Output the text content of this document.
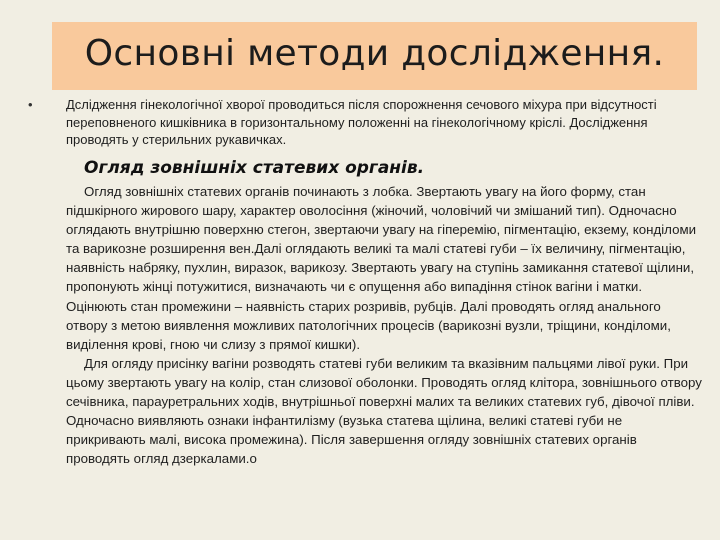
Основні методи дослідження.
•	Дслідження гінекологічної хворої проводиться після спорожнення сечового міхура при відсутності переповненого кишківника в горизонтальному положенні на гінекологічному кріслі. Дослідження проводять у стерильних рукавичках.
Огляд зовнішніх статевих органів.

Огляд зовнішніх статевих органів починають з лобка. Звертають увагу на його форму, стан підшкірного жирового шару, характер оволосіння (жіночий, чоловічий чи змішаний тип). Одночасно оглядають внутрішню поверхню стегон, звертаючи увагу на гіперемію, пігментацію, екзему, конділоми та варикозне розширення вен.Далі оглядають великі та малі статеві губи – їх величину, пігментацію, наявність набряку, пухлин, виразок, варикозу. Звертають увагу на ступінь замикання статевої щілини, пропонують жінці потужитися, визначають чи є опущення або випадіння стінок вагіни і матки. Оцінюють стан промежини – наявність старих розривів, рубців. Далі проводять огляд анального отвору з метою виявлення можливих патологічних процесів (варикозні вузли, тріщини, конділоми, виділення крові, гною чи слизу з прямої кишки).

Для огляду присінку вагіни розводять статеві губи великим та вказівним пальцями лівої руки. При цьому звертають увагу на колір, стан слизової оболонки. Проводять огляд клітора, зовнішнього отвору сечівника, парауретральних ходів, внутрішньої поверхні малих та великих статевих губ, дівочої пліви. Одночасно виявляють ознаки інфантилізму (вузька статева щілина, великі статеві губи не прикривають малі, висока промежина). Після завершення огляду зовнішніх статевих органів проводять огляд дзеркалами.о
